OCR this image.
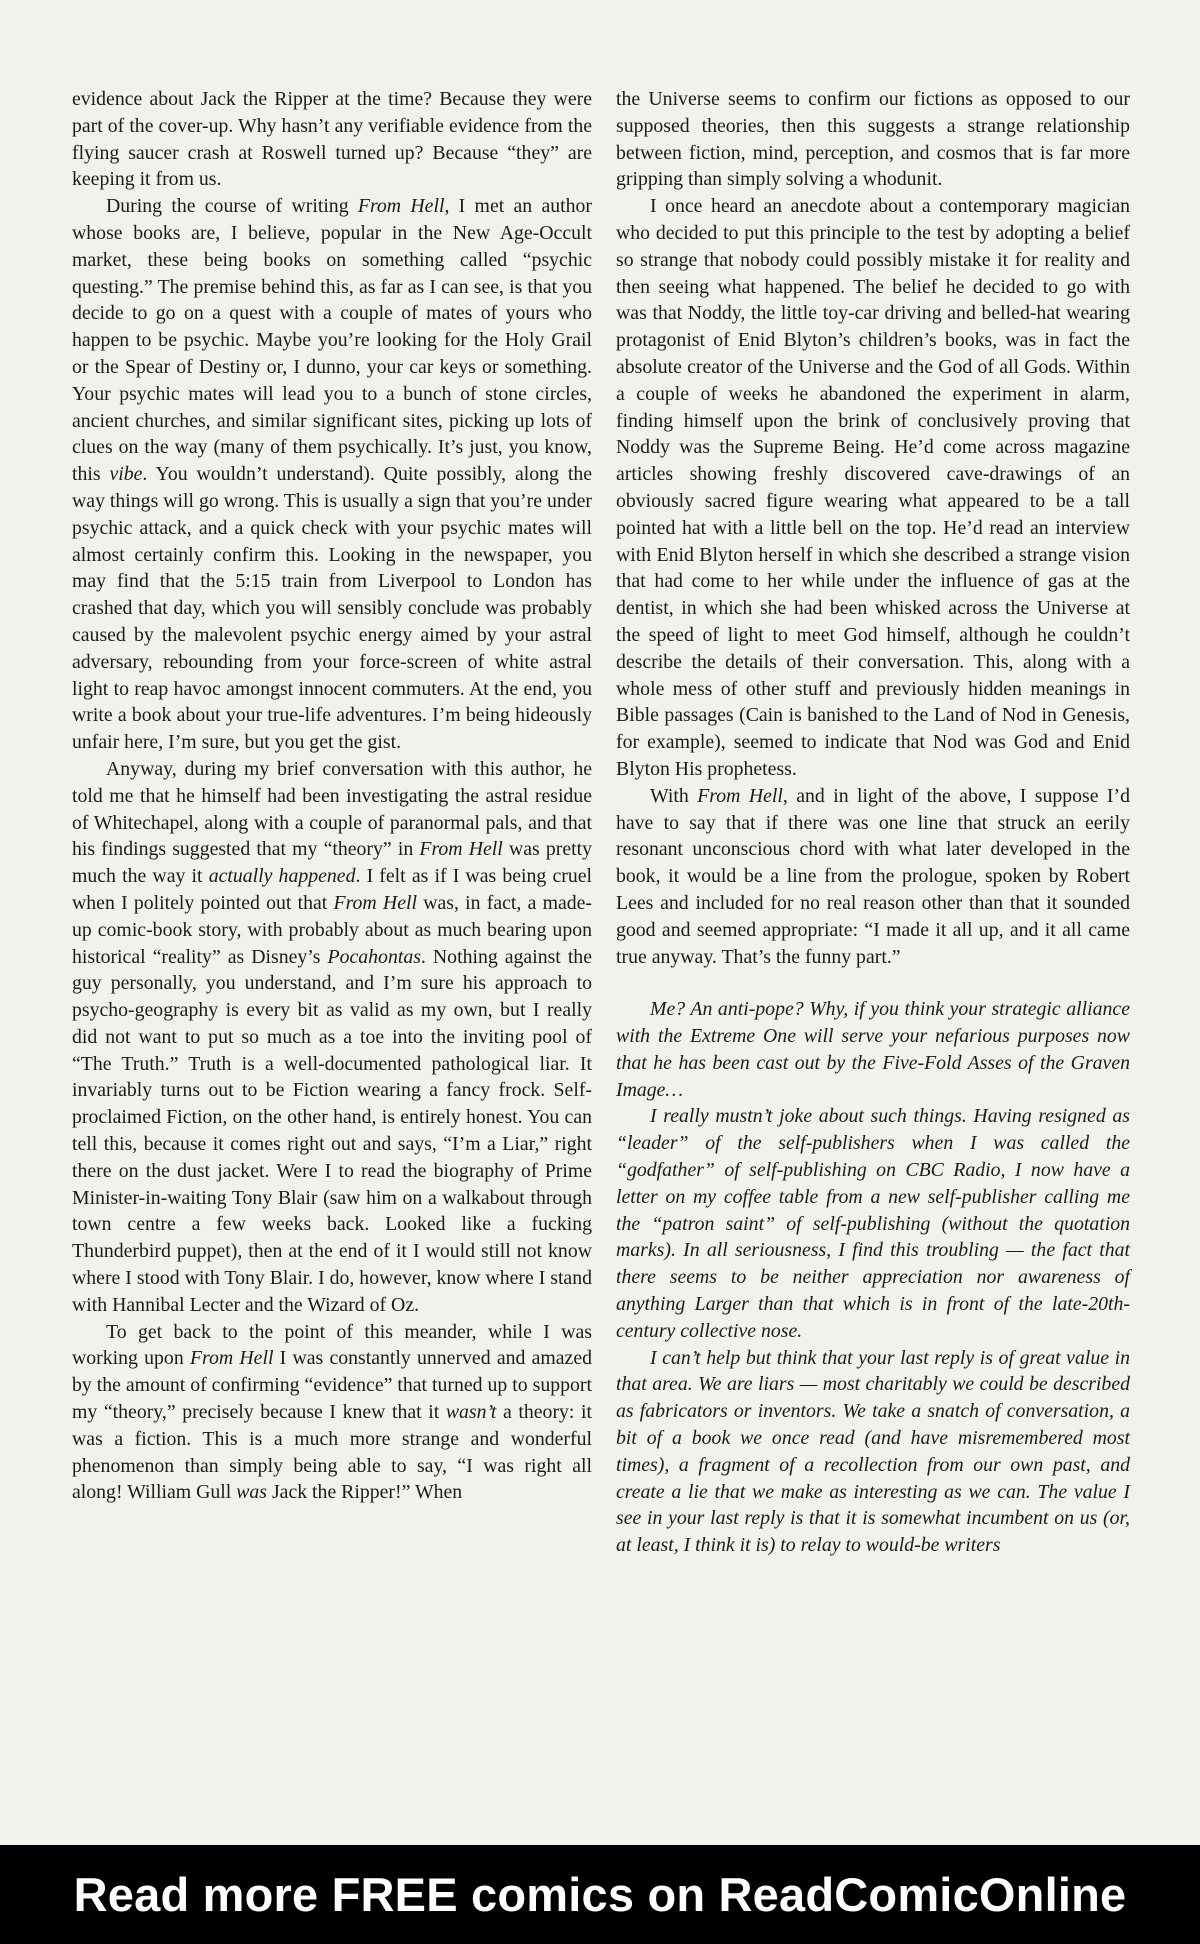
evidence about Jack the Ripper at the time? Because they were part of the cover-up. Why hasn’t any verifiable evidence from the flying saucer crash at Roswell turned up? Because “they” are keeping it from us.

During the course of writing From Hell, I met an author whose books are, I believe, popular in the New Age-Occult market, these being books on something called “psychic questing.” The premise behind this, as far as I can see, is that you decide to go on a quest with a couple of mates of yours who happen to be psychic. Maybe you’re looking for the Holy Grail or the Spear of Destiny or, I dunno, your car keys or something. Your psychic mates will lead you to a bunch of stone circles, ancient churches, and similar significant sites, picking up lots of clues on the way (many of them psychically. It’s just, you know, this vibe. You wouldn’t understand). Quite possibly, along the way things will go wrong. This is usually a sign that you’re under psychic attack, and a quick check with your psychic mates will almost certainly confirm this. Looking in the newspaper, you may find that the 5:15 train from Liverpool to London has crashed that day, which you will sensibly conclude was probably caused by the malevolent psychic energy aimed by your astral adversary, rebounding from your force-screen of white astral light to reap havoc amongst innocent commuters. At the end, you write a book about your true-life adventures. I’m being hideously unfair here, I’m sure, but you get the gist.

Anyway, during my brief conversation with this author, he told me that he himself had been investigating the astral residue of Whitechapel, along with a couple of paranormal pals, and that his findings suggested that my “theory” in From Hell was pretty much the way it actually happened. I felt as if I was being cruel when I politely pointed out that From Hell was, in fact, a made-up comic-book story, with probably about as much bearing upon historical “reality” as Disney’s Pocahontas. Nothing against the guy personally, you understand, and I’m sure his approach to psycho-geography is every bit as valid as my own, but I really did not want to put so much as a toe into the inviting pool of “The Truth.” Truth is a well-documented pathological liar. It invariably turns out to be Fiction wearing a fancy frock. Self-proclaimed Fiction, on the other hand, is entirely honest. You can tell this, because it comes right out and says, “I’m a Liar,” right there on the dust jacket. Were I to read the biography of Prime Minister-in-waiting Tony Blair (saw him on a walkabout through town centre a few weeks back. Looked like a fucking Thunderbird puppet), then at the end of it I would still not know where I stood with Tony Blair. I do, however, know where I stand with Hannibal Lecter and the Wizard of Oz.

To get back to the point of this meander, while I was working upon From Hell I was constantly unnerved and amazed by the amount of confirming “evidence” that turned up to support my “theory,” precisely because I knew that it wasn’t a theory: it was a fiction. This is a much more strange and wonderful phenomenon than simply being able to say, “I was right all along! William Gull was Jack the Ripper!” When

the Universe seems to confirm our fictions as opposed to our supposed theories, then this suggests a strange relationship between fiction, mind, perception, and cosmos that is far more gripping than simply solving a whodunit.

I once heard an anecdote about a contemporary magician who decided to put this principle to the test by adopting a belief so strange that nobody could possibly mistake it for reality and then seeing what happened. The belief he decided to go with was that Noddy, the little toy-car driving and belled-hat wearing protagonist of Enid Blyton’s children’s books, was in fact the absolute creator of the Universe and the God of all Gods. Within a couple of weeks he abandoned the experiment in alarm, finding himself upon the brink of conclusively proving that Noddy was the Supreme Being. He’d come across magazine articles showing freshly discovered cave-drawings of an obviously sacred figure wearing what appeared to be a tall pointed hat with a little bell on the top. He’d read an interview with Enid Blyton herself in which she described a strange vision that had come to her while under the influence of gas at the dentist, in which she had been whisked across the Universe at the speed of light to meet God himself, although he couldn’t describe the details of their conversation. This, along with a whole mess of other stuff and previously hidden meanings in Bible passages (Cain is banished to the Land of Nod in Genesis, for example), seemed to indicate that Nod was God and Enid Blyton His prophetess.

With From Hell, and in light of the above, I suppose I’d have to say that if there was one line that struck an eerily resonant unconscious chord with what later developed in the book, it would be a line from the prologue, spoken by Robert Lees and included for no real reason other than that it sounded good and seemed appropriate: “I made it all up, and it all came true anyway. That’s the funny part.”

Me? An anti-pope? Why, if you think your strategic alliance with the Extreme One will serve your nefarious purposes now that he has been cast out by the Five-Fold Asses of the Graven Image…

I really mustn’t joke about such things. Having resigned as “leader” of the self-publishers when I was called the “godfather” of self-publishing on CBC Radio, I now have a letter on my coffee table from a new self-publisher calling me the “patron saint” of self-publishing (without the quotation marks). In all seriousness, I find this troubling — the fact that there seems to be neither appreciation nor awareness of anything Larger than that which is in front of the late-20th-century collective nose.

I can’t help but think that your last reply is of great value in that area. We are liars — most charitably we could be described as fabricators or inventors. We take a snatch of conversation, a bit of a book we once read (and have misremembered most times), a fragment of a recollection from our own past, and create a lie that we make as interesting as we can. The value I see in your last reply is that it is somewhat incumbent on us (or, at least, I think it is) to relay to would-be writers

Read more FREE comics on ReadComicOnline
